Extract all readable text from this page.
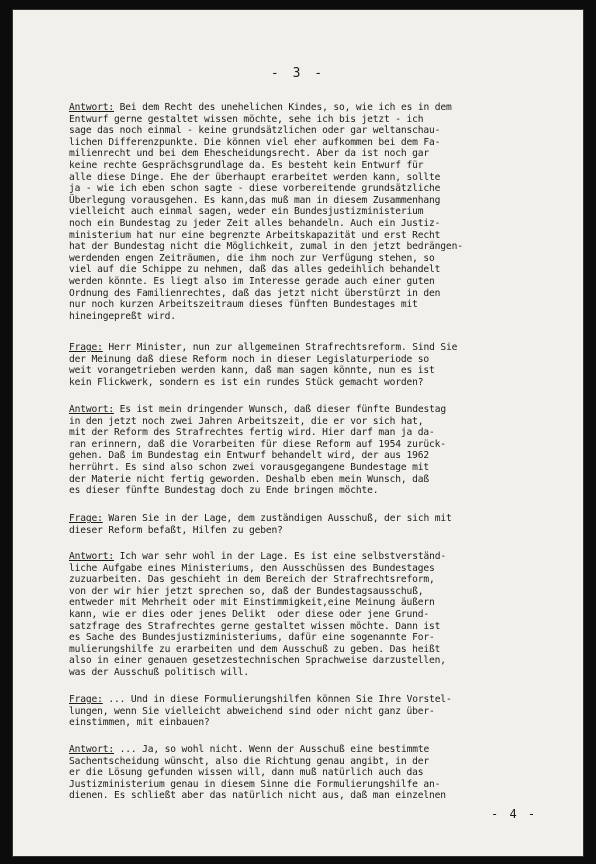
- 3 -
Antwort: Bei dem Recht des unehelichen Kindes, so, wie ich es in dem
Entwurf gerne gestaltet wissen möchte, sehe ich bis jetzt - ich
sage das noch einmal - keine grundsätzlichen oder gar weltanschau-
lichen Differenzpunkte. Die können viel eher aufkommen bei dem Fa-
milienrecht und bei dem Ehescheidungsrecht. Aber da ist noch gar
keine rechte Gesprächsgrundlage da. Es besteht kein Entwurf für
alle diese Dinge. Ehe der überhaupt erarbeitet werden kann, sollte
ja - wie ich eben schon sagte - diese vorbereitende grundsätzliche
Überlegung vorausgehen. Es kann,das muß man in diesem Zusammenhang
vielleicht auch einmal sagen, weder ein Bundesjustizministerium
noch ein Bundestag zu jeder Zeit alles behandeln. Auch ein Justiz-
ministerium hat nur eine begrenzte Arbeitskapazität und erst Recht
hat der Bundestag nicht die Möglichkeit, zumal in den jetzt bedrängen-
werdenden engen Zeiträumen, die ihm noch zur Verfügung stehen, so
viel auf die Schippe zu nehmen, daß das alles gedeihlich behandelt
werden könnte. Es liegt also im Interesse gerade auch einer guten
Ordnung des Familienrechtes, daß das jetzt nicht überstürzt in den
nur noch kurzen Arbeitszeitraum dieses fünften Bundestages mit
hineingepreßt wird.
Frage: Herr Minister, nun zur allgemeinen Strafrechtsreform. Sind Sie
der Meinung daß diese Reform noch in dieser Legislaturperiode so
weit vorangetrieben werden kann, daß man sagen könnte, nun es ist
kein Flickwerk, sondern es ist ein rundes Stück gemacht worden?
Antwort: Es ist mein dringender Wunsch, daß dieser fünfte Bundestag
in den jetzt noch zwei Jahren Arbeitszeit, die er vor sich hat,
mit der Reform des Strafrechtes fertig wird. Hier darf man ja da-
ran erinnern, daß die Vorarbeiten für diese Reform auf 1954 zurück-
gehen. Daß im Bundestag ein Entwurf behandelt wird, der aus 1962
herrührt. Es sind also schon zwei vorausgegangene Bundestage mit
der Materie nicht fertig geworden. Deshalb eben mein Wunsch, daß
es dieser fünfte Bundestag doch zu Ende bringen möchte.
Frage: Waren Sie in der Lage, dem zuständigen Ausschuß, der sich mit
dieser Reform befaßt, Hilfen zu geben?
Antwort: Ich war sehr wohl in der Lage. Es ist eine selbstverständ-
liche Aufgabe eines Ministeriums, den Ausschüssen des Bundestages
zuzuarbeiten. Das geschieht in dem Bereich der Strafrechtsreform,
von der wir hier jetzt sprechen so, daß der Bundestagsausschuß,
entweder mit Mehrheit oder mit Einstimmigkeit,eine Meinung äußern
kann, wie er dies oder jenes Delikt  oder diese oder jene Grund-
satzfrage des Strafrechtes gerne gestaltet wissen möchte. Dann ist
es Sache des Bundesjustizministeriums, dafür eine sogenannte For-
mulierungshilfe zu erarbeiten und dem Ausschuß zu geben. Das heißt
also in einer genauen gesetzestechnischen Sprachweise darzustellen,
was der Ausschuß politisch will.
Frage: ... Und in diese Formulierungshilfen können Sie Ihre Vorstel-
lungen, wenn Sie vielleicht abweichend sind oder nicht ganz über-
einstimmen, mit einbauen?
Antwort: ... Ja, so wohl nicht. Wenn der Ausschuß eine bestimmte
Sachentscheidung wünscht, also die Richtung genau angibt, in der
er die Lösung gefunden wissen will, dann muß natürlich auch das
Justizministerium genau in diesem Sinne die Formulierungshilfe an-
dienen. Es schließt aber das natürlich nicht aus, daß man einzelnen
- 4 -
